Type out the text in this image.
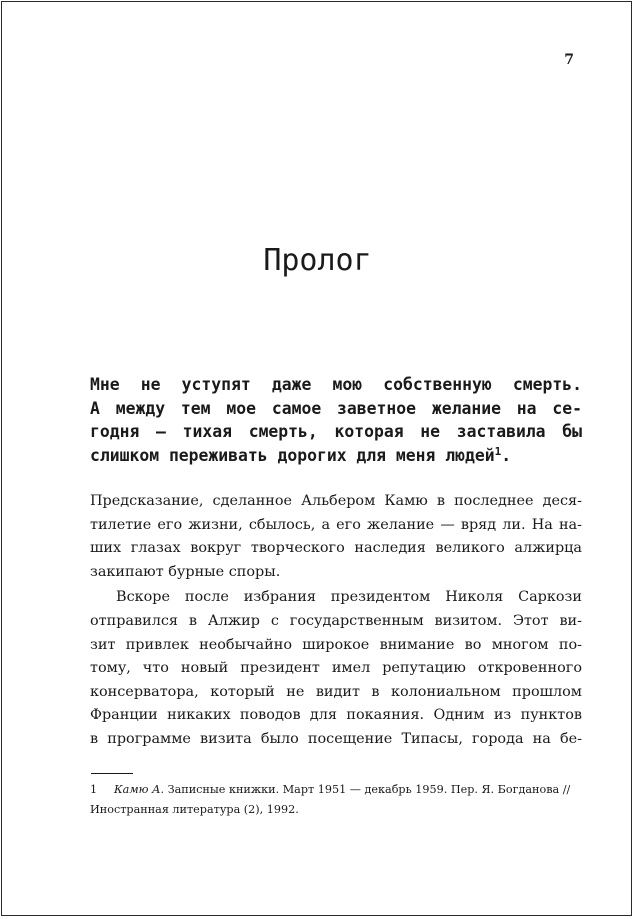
7
Пролог
Мне не уступят даже мою собственную смерть.
А между тем мое самое заветное желание на се-
годня — тихая смерть, которая не заставила бы
слишком переживать дорогих для меня людей$^1$.
Предсказание, сделанное Альбером Камю в последнее деся-
тилетие его жизни, сбылось, а его желание — вряд ли. На на-
ших глазах вокруг творческого наследия великого алжирца
закипают бурные споры.
Вскоре после избрания президентом Николя Саркози
отправился в Алжир с государственным визитом. Этот ви-
зит привлек необычайно широкое внимание во многом по-
тому, что новый президент имел репутацию откровенного
консерватора, который не видит в колониальном прошлом
Франции никаких поводов для покаяния. Одним из пунктов
в программе визита было посещение Типасы, города на бе-
1 Камю А. Записные книжки. Март 1951 — декабрь 1959. Пер. Я. Богданова //
Иностранная литература (2), 1992.
